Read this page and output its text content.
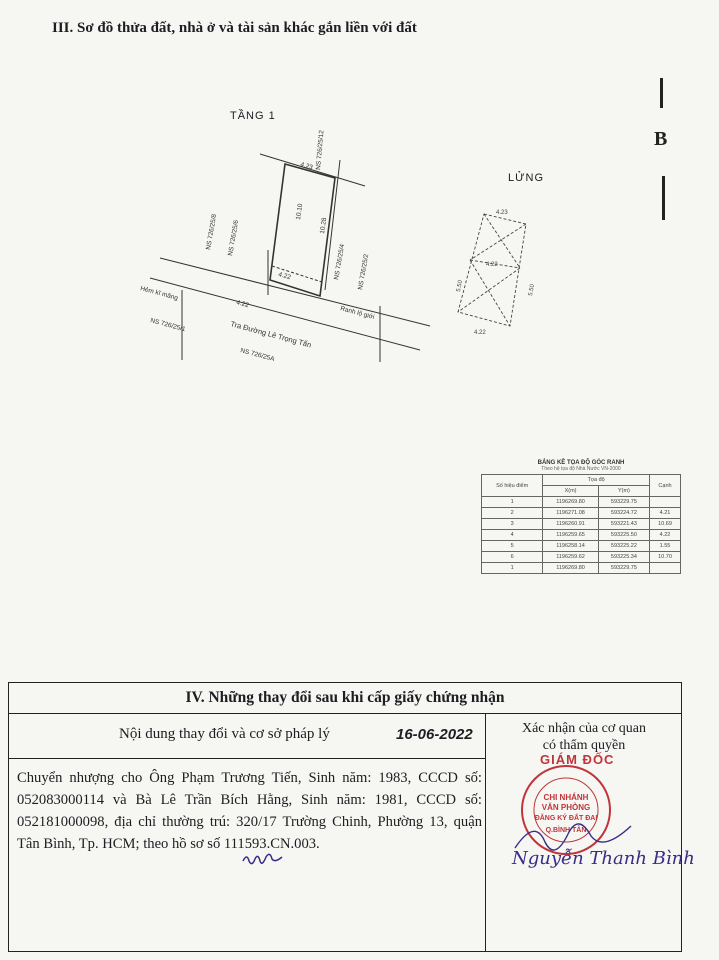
III. Sơ đồ thửa đất, nhà ở và tài sản khác gắn liền với đất
B
TẦNG 1
LỬNG
4.23 NS 726/25/12
NS 726/25/8 NS 726/25/6
NS 726/25/4 NS 726/25/2
10.10
10.28
4.22
4.22
Hẻm kĩ mãng
Tra Đường Lê Trọng Tấn
Ranh lộ giới
NS 726/25/1
NS 726/25A
4.23
4.22
4.22
5.50	5.50
BẢNG KÊ TỌA ĐỘ GÓC RANH
Theo hệ tọa độ Nhà Nước VN-2000
Số hiệu điểm	Tọa độ		Cạnh
	X(m)	Y(m)	
1	1196269.80	593229.75	
2	1196271.08	593224.72	4.21
3	1196260.91	593221.43	10.69
4	1196259.65	593225.50	4.22
5	1196258.14	593225.22	1.55
6	1196259.62	593225.34	10.70
1	1196269.80	593229.75	
IV. Những thay đổi sau khi cấp giấy chứng nhận
Nội dung thay đổi và cơ sở pháp lý	16-06-2022	Xác nhận của cơ quan
có thẩm quyền
Chuyển nhượng cho Ông Phạm Trương Tiến, Sinh năm: 1983, CCCD số: 052083000114 và Bà Lê Trần Bích Hằng, Sinh năm: 1981, CCCD số: 052181000098, địa chỉ thường trú: 320/17 Trường Chinh, Phường 13, quận Tân Bình, Tp. HCM; theo hồ sơ số 111593.CN.003.
CHI NHÁNH
VĂN PHÒNG
ĐĂNG KÝ ĐẤT ĐAI
Q.BÌNH TÂN
GIÁM ĐỐC
Nguyễn Thanh Bình
